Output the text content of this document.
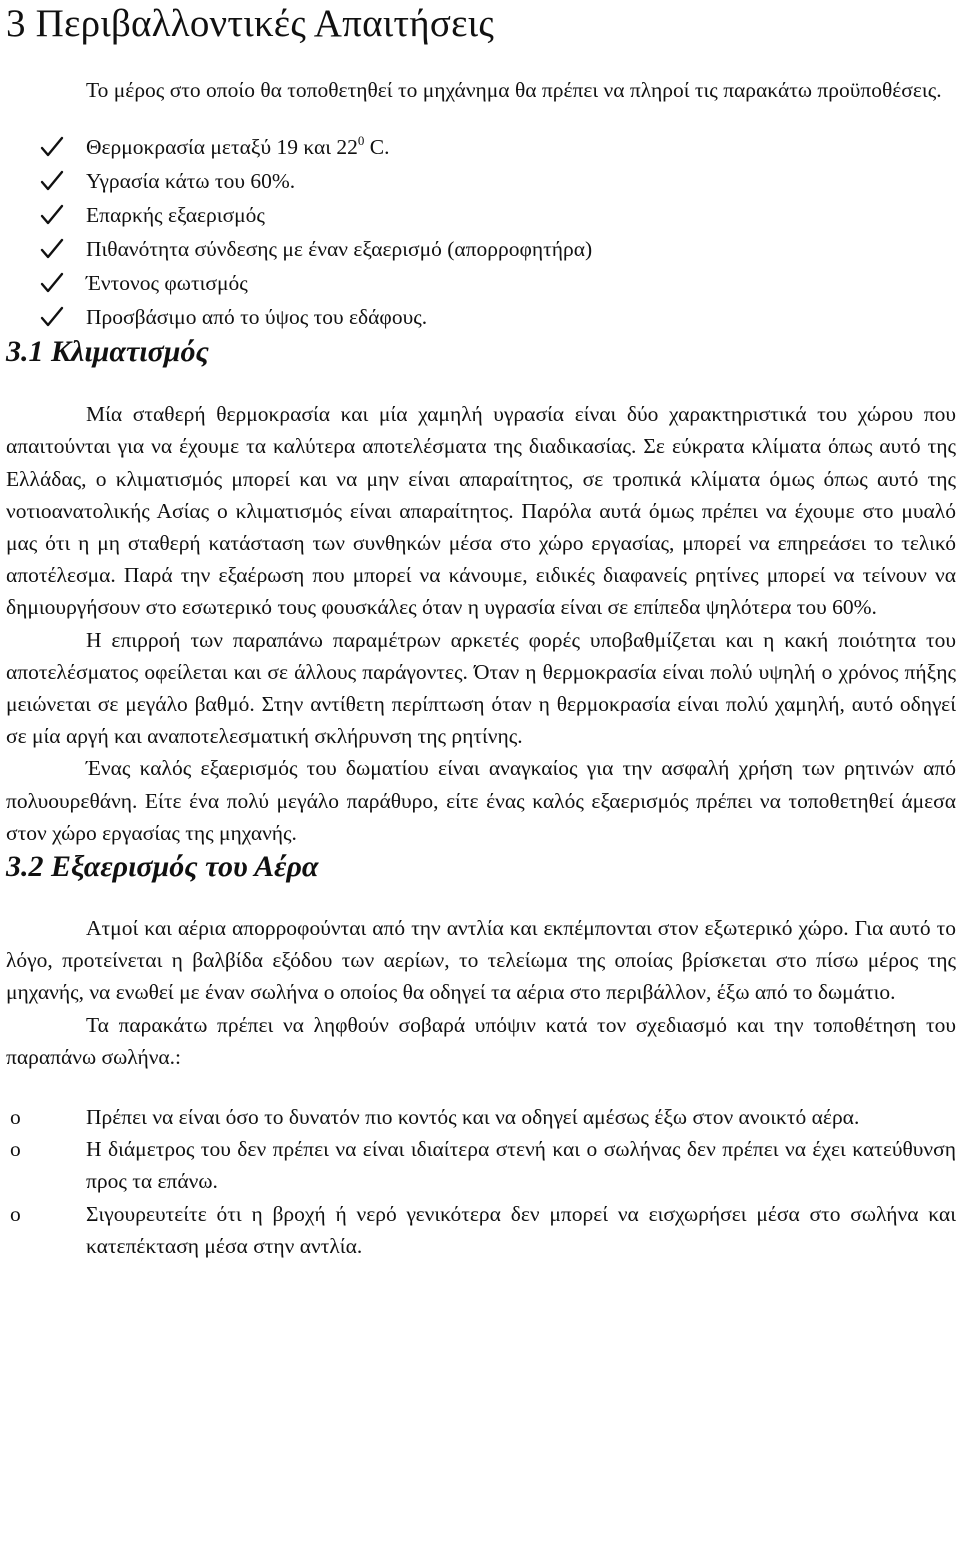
3 Περιβαλλοντικές Απαιτήσεις

Το μέρος στο οποίο θα τοποθετηθεί το μηχάνημα θα πρέπει να πληροί τις παρακάτω προϋποθέσεις.

Θερμοκρασία μεταξύ 19 και $22^0$ C.
Υγρασία κάτω του 60%.
Επαρκής εξαερισμός
Πιθανότητα σύνδεσης με έναν εξαερισμό (απορροφητήρα)
Έντονος φωτισμός
Προσβάσιμο από το ύψος του εδάφους.
3.1 Κλιματισμός

Μία σταθερή θερμοκρασία και μία χαμηλή υγρασία είναι δύο χαρακτηριστικά του χώρου που απαιτούνται για να έχουμε τα καλύτερα αποτελέσματα της διαδικασίας. Σε εύκρατα κλίματα όπως αυτό της Ελλάδας, ο κλιματισμός μπορεί και να μην είναι απαραίτητος, σε τροπικά κλίματα όμως όπως αυτό της νοτιοανατολικής Ασίας ο κλιματισμός είναι απαραίτητος. Παρόλα αυτά όμως πρέπει να έχουμε στο μυαλό μας ότι η μη σταθερή κατάσταση των συνθηκών μέσα στο χώρο εργασίας, μπορεί να επηρεάσει το τελικό αποτέλεσμα. Παρά την εξαέρωση που μπορεί να κάνουμε, ειδικές διαφανείς ρητίνες μπορεί να τείνουν να δημιουργήσουν στο εσωτερικό τους φουσκάλες όταν η υγρασία είναι σε επίπεδα ψηλότερα του 60%.

Η επιρροή των παραπάνω παραμέτρων αρκετές φορές υποβαθμίζεται και η κακή ποιότητα του αποτελέσματος οφείλεται και σε άλλους παράγοντες. Όταν η θερμοκρασία είναι πολύ υψηλή ο χρόνος πήξης μειώνεται σε μεγάλο βαθμό. Στην αντίθετη περίπτωση όταν η θερμοκρασία είναι πολύ χαμηλή, αυτό οδηγεί σε μία αργή και αναποτελεσματική σκλήρυνση της ρητίνης.

Ένας καλός εξαερισμός του δωματίου είναι αναγκαίος για την ασφαλή χρήση των ρητινών από πολυουρεθάνη. Είτε ένα πολύ μεγάλο παράθυρο, είτε ένας καλός εξαερισμός πρέπει να τοποθετηθεί άμεσα στον χώρο εργασίας της μηχανής.

3.2 Εξαερισμός του Αέρα

Ατμοί και αέρια απορροφούνται από την αντλία και εκπέμπονται στον εξωτερικό χώρο. Για αυτό το λόγο, προτείνεται η βαλβίδα εξόδου των αερίων, το τελείωμα της οποίας βρίσκεται στο πίσω μέρος της μηχανής, να ενωθεί με έναν σωλήνα ο οποίος θα οδηγεί τα αέρια στο περιβάλλον, έξω από το δωμάτιο.

Τα παρακάτω πρέπει να ληφθούν σοβαρά υπόψιν κατά τον σχεδιασμό και την τοποθέτηση του παραπάνω σωλήνα.:

o	Πρέπει να είναι όσο το δυνατόν πιο κοντός και να οδηγεί αμέσως έξω στον ανοικτό αέρα.
o	Η διάμετρος του δεν πρέπει να είναι ιδιαίτερα στενή και ο σωλήνας δεν πρέπει να έχει κατεύθυνση προς τα επάνω.
o	Σιγουρευτείτε ότι η βροχή ή νερό γενικότερα δεν μπορεί να εισχωρήσει μέσα στο σωλήνα και κατεπέκταση μέσα στην αντλία.
